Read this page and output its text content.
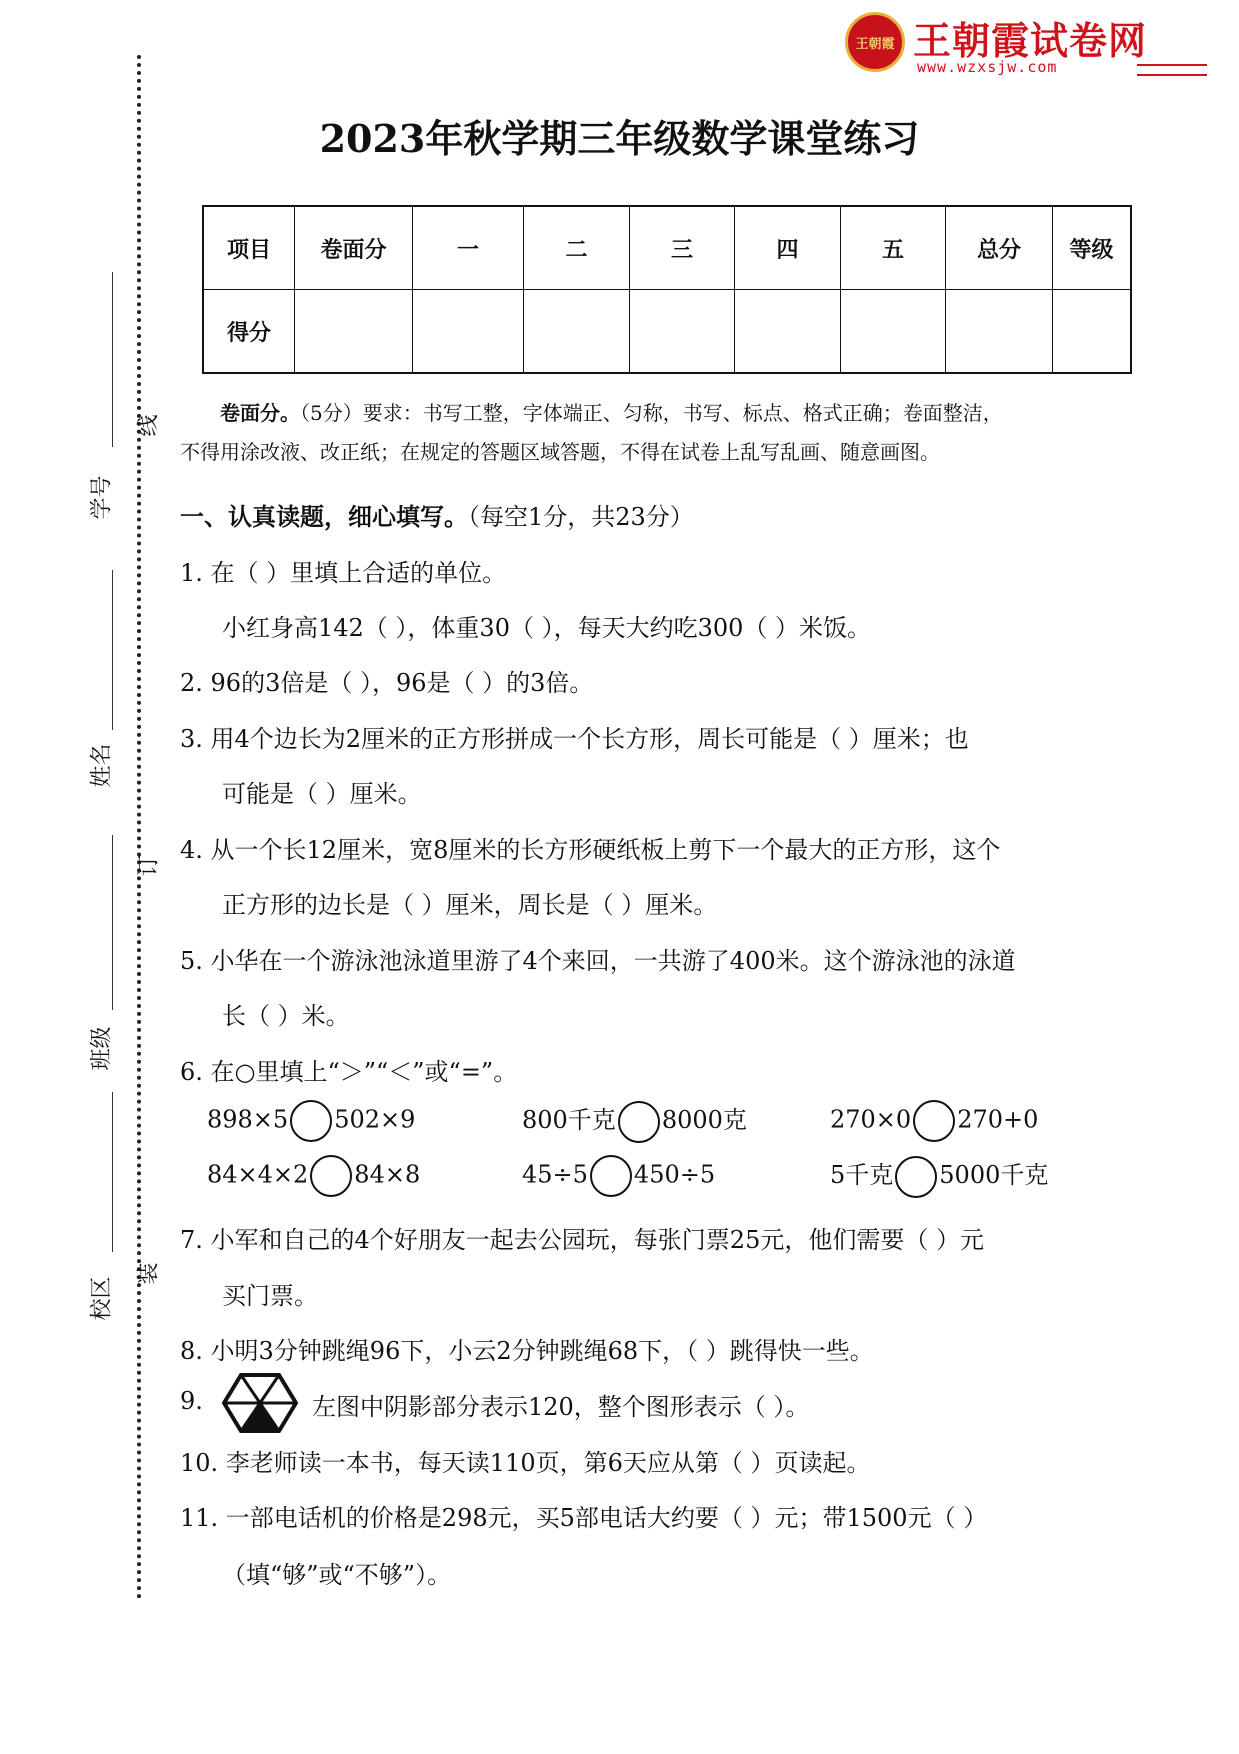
王朝霞 王朝霞试卷网
www.wzxsjw.com
学号
姓名
班级
校区
线
订
装
2023年秋学期三年级数学课堂练习
项目	卷面分	一	二	三	四	五	总分	等级
得分								
卷面分。（5分）要求：书写工整，字体端正、匀称，书写、标点、格式正确；卷面整洁，
不得用涂改液、改正纸；在规定的答题区域答题，不得在试卷上乱写乱画、随意画图。
一、认真读题，细心填写。（每空1分，共23分）
1. 在（ ）里填上合适的单位。
小红身高142（ ），体重30（ ），每天大约吃300（ ）米饭。
2. 96的3倍是（ ），96是（ ）的3倍。
3. 用4个边长为2厘米的正方形拼成一个长方形，周长可能是（ ）厘米；也
可能是（ ）厘米。
4. 从一个长12厘米，宽8厘米的长方形硬纸板上剪下一个最大的正方形，这个
正方形的边长是（ ）厘米，周长是（ ）厘米。
5. 小华在一个游泳池泳道里游了4个来回，一共游了400米。这个游泳池的泳道
长（ ）米。
6. 在○里填上“＞”“＜”或“=”。
898×5 502×9	800千克 8000克	270×0 270+0
84×4×2 84×8	45÷5 450÷5	5千克 5000千克
7. 小军和自己的4个好朋友一起去公园玩，每张门票25元，他们需要（ ）元
买门票。
8. 小明3分钟跳绳96下，小云2分钟跳绳68下，（ ）跳得快一些。
9.	左图中阴影部分表示120，整个图形表示（ ）。
10. 李老师读一本书，每天读110页，第6天应从第（ ）页读起。
11. 一部电话机的价格是298元，买5部电话大约要（ ）元；带1500元（ ）
（填“够”或“不够”）。
